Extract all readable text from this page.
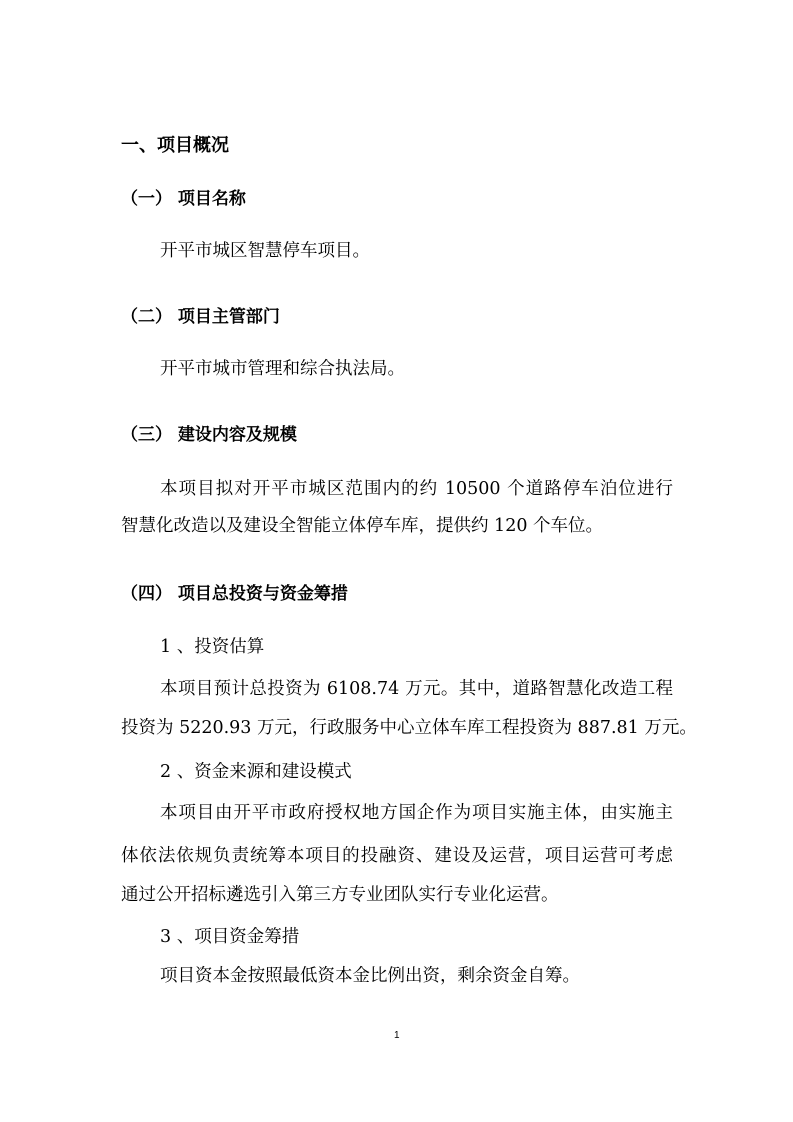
一、项目概况
（一） 项目名称
开平市城区智慧停车项目。
（二） 项目主管部门
开平市城市管理和综合执法局。
（三） 建设内容及规模
本项目拟对开平市城区范围内的约 10500 个道路停车泊位进行
智慧化改造以及建设全智能立体停车库，提供约 120 个车位。
（四） 项目总投资与资金筹措
1 、投资估算
本项目预计总投资为 6108.74 万元。其中，道路智慧化改造工程
投资为 5220.93 万元，行政服务中心立体车库工程投资为 887.81 万元。
2 、资金来源和建设模式
本项目由开平市政府授权地方国企作为项目实施主体，由实施主
体依法依规负责统筹本项目的投融资、建设及运营，项目运营可考虑
通过公开招标遴选引入第三方专业团队实行专业化运营。
3 、项目资金筹措
项目资本金按照最低资本金比例出资，剩余资金自筹。
1
